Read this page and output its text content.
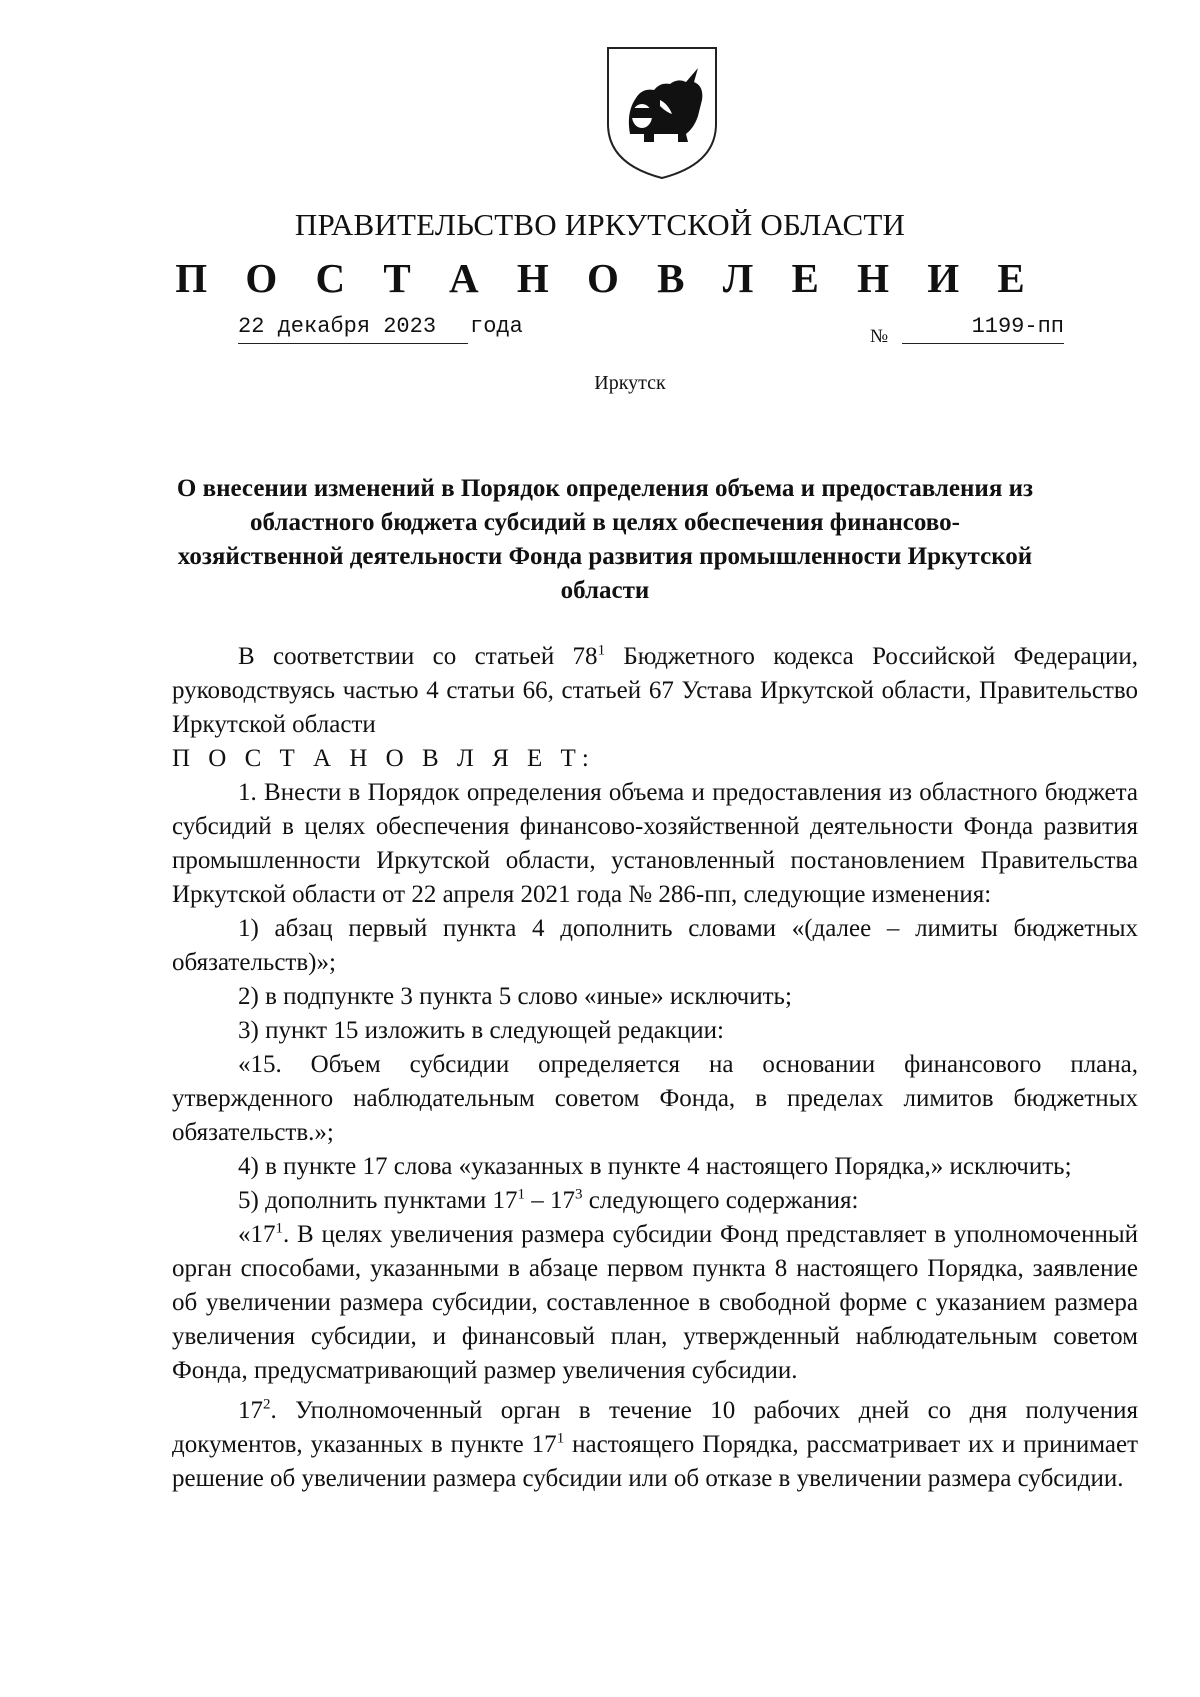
ПРАВИТЕЛЬСТВО ИРКУТСКОЙ ОБЛАСТИ
П О С Т А Н О В Л Е Н И Е
22 декабря 2023	года	№	1199-пп
Иркутск
О внесении изменений в Порядок определения объема и предоставления из областного бюджета субсидий в целях обеспечения финансово-хозяйственной деятельности Фонда развития промышленности Иркутской области

В соответствии со статьей $78^1$ Бюджетного кодекса Российской Федерации, руководствуясь частью 4 статьи 66, статьей 67 Устава Иркутской области, Правительство Иркутской области

П О С Т А Н О В Л Я Е Т:

1. Внести в Порядок определения объема и предоставления из областного бюджета субсидий в целях обеспечения финансово-хозяйственной деятельности Фонда развития промышленности Иркутской области, установленный постановлением Правительства Иркутской области от 22 апреля 2021 года № 286-пп, следующие изменения:

1) абзац первый пункта 4 дополнить словами «(далее – лимиты бюджетных обязательств)»;

2) в подпункте 3 пункта 5 слово «иные» исключить;

3) пункт 15 изложить в следующей редакции:

«15. Объем субсидии определяется на основании финансового плана, утвержденного наблюдательным советом Фонда, в пределах лимитов бюджетных обязательств.»;

4) в пункте 17 слова «указанных в пункте 4 настоящего Порядка,» исключить;

5) дополнить пунктами $17^1 - 17^3$ следующего содержания:

«$17^1$. В целях увеличения размера субсидии Фонд представляет в уполномоченный орган способами, указанными в абзаце первом пункта 8 настоящего Порядка, заявление об увеличении размера субсидии, составленное в свободной форме с указанием размера увеличения субсидии, и финансовый план, утвержденный наблюдательным советом Фонда, предусматривающий размер увеличения субсидии.

$17^2$. Уполномоченный орган в течение 10 рабочих дней со дня получения документов, указанных в пункте $17^1$ настоящего Порядка, рассматривает их и принимает решение об увеличении размера субсидии или об отказе в увеличении размера субсидии.
